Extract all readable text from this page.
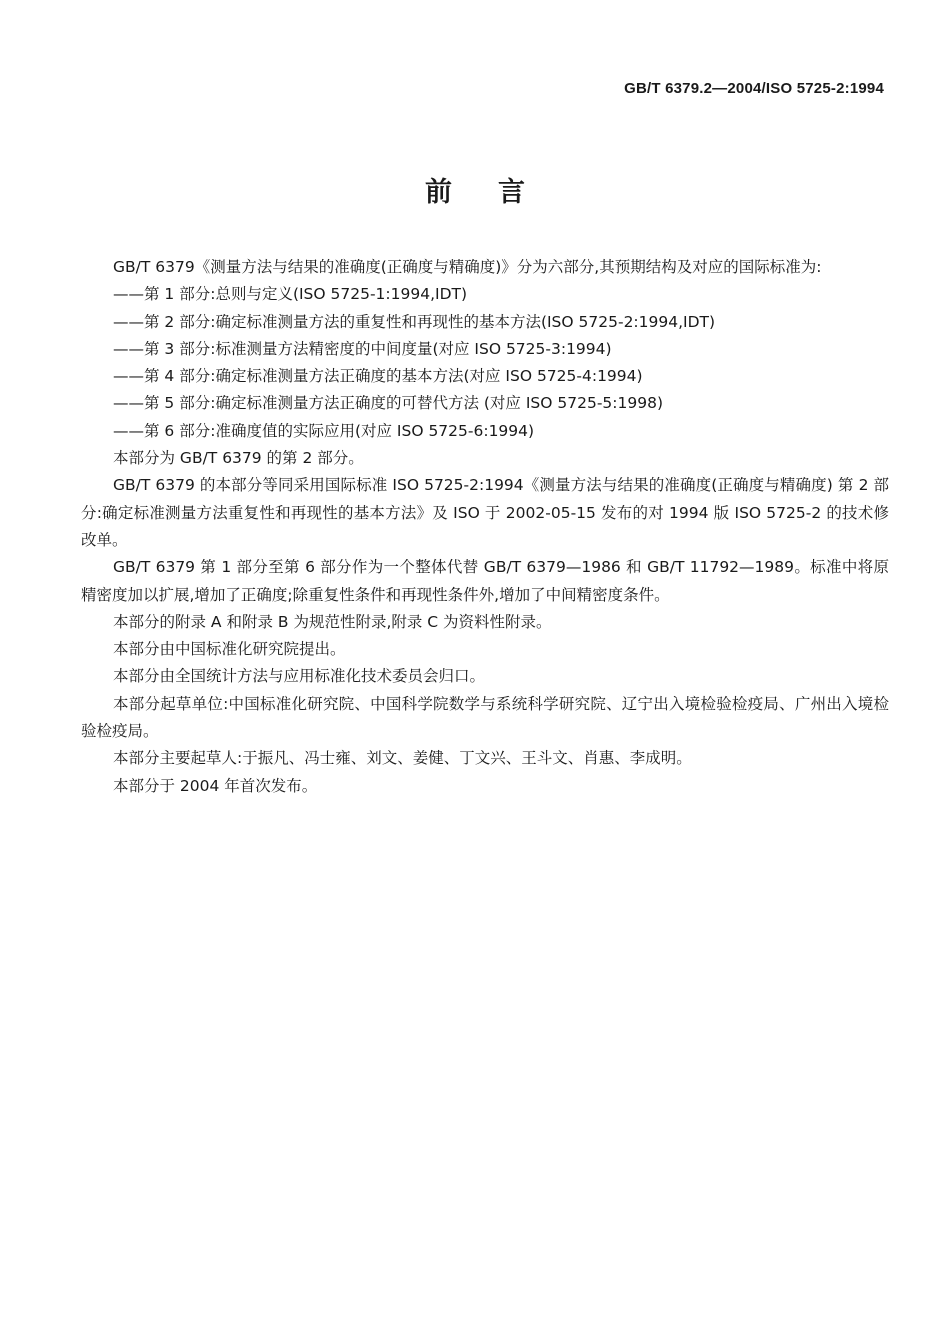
GB/T 6379.2—2004/ISO 5725-2:1994
前言

GB/T 6379《测量方法与结果的准确度(正确度与精确度)》分为六部分,其预期结构及对应的国际标准为:

——第 1 部分:总则与定义(ISO 5725-1:1994,IDT)

——第 2 部分:确定标准测量方法的重复性和再现性的基本方法(ISO 5725-2:1994,IDT)

——第 3 部分:标准测量方法精密度的中间度量(对应 ISO 5725-3:1994)

——第 4 部分:确定标准测量方法正确度的基本方法(对应 ISO 5725-4:1994)

——第 5 部分:确定标准测量方法正确度的可替代方法 (对应 ISO 5725-5:1998)

——第 6 部分:准确度值的实际应用(对应 ISO 5725-6:1994)

本部分为 GB/T 6379 的第 2 部分。

GB/T 6379 的本部分等同采用国际标准 ISO 5725-2:1994《测量方法与结果的准确度(正确度与精确度) 第 2 部分:确定标准测量方法重复性和再现性的基本方法》及 ISO 于 2002-05-15 发布的对 1994 版 ISO 5725-2 的技术修改单。

GB/T 6379 第 1 部分至第 6 部分作为一个整体代替 GB/T 6379—1986 和 GB/T 11792—1989。标准中将原精密度加以扩展,增加了正确度;除重复性条件和再现性条件外,增加了中间精密度条件。

本部分的附录 A 和附录 B 为规范性附录,附录 C 为资料性附录。

本部分由中国标准化研究院提出。

本部分由全国统计方法与应用标准化技术委员会归口。

本部分起草单位:中国标准化研究院、中国科学院数学与系统科学研究院、辽宁出入境检验检疫局、广州出入境检验检疫局。

本部分主要起草人:于振凡、冯士雍、刘文、姜健、丁文兴、王斗文、肖惠、李成明。

本部分于 2004 年首次发布。
